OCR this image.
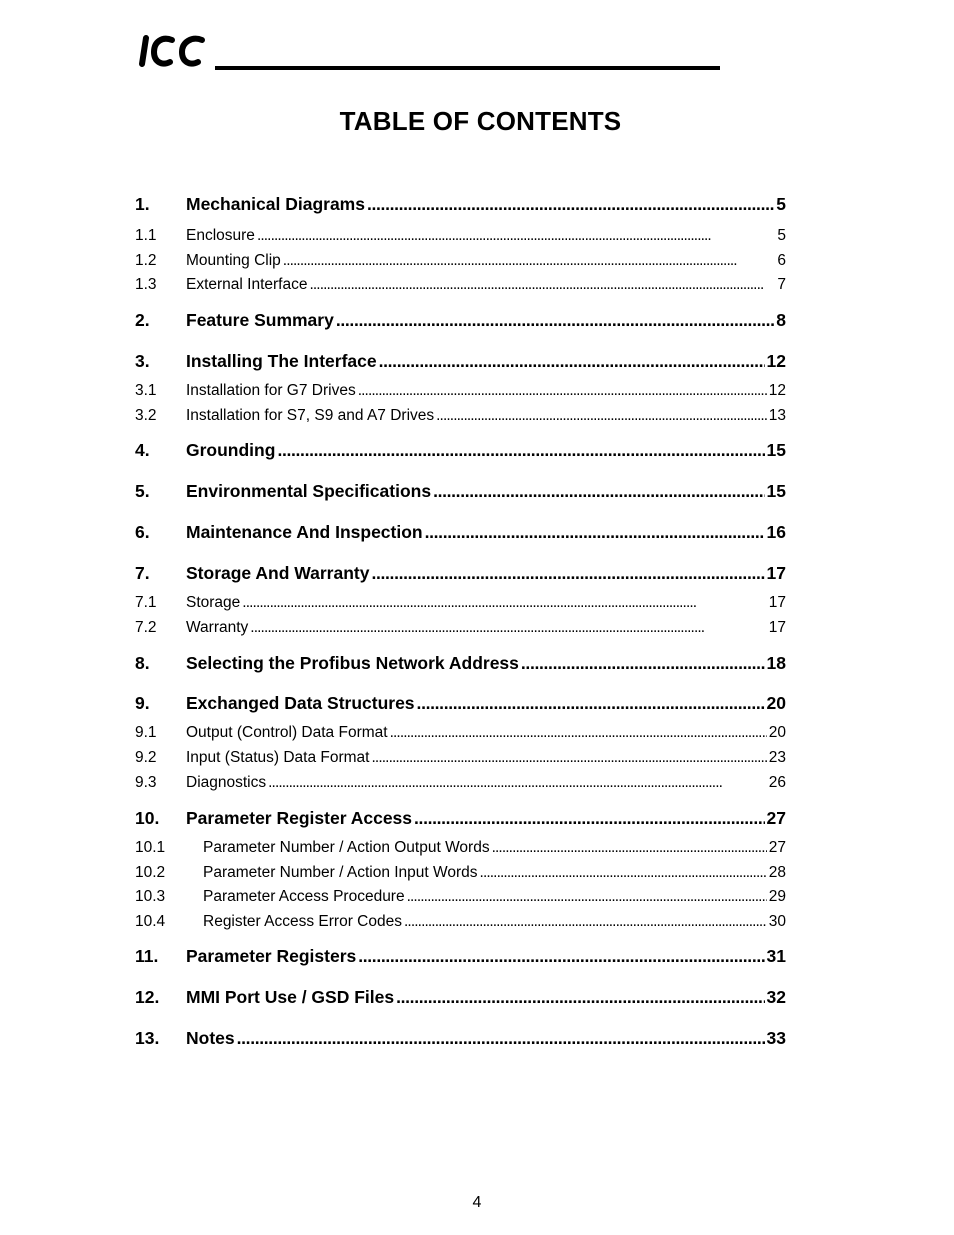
TABLE OF CONTENTS
1.	Mechanical Diagrams . . .	5
1.1	Enclosure . . .	5
1.2	Mounting Clip . . .	6
1.3	External Interface . . .	7
2.	Feature Summary . . .	8
3.	Installing The Interface . . .	12
3.1	Installation for G7 Drives . . .	12
3.2	Installation for S7, S9 and A7 Drives . . .	13
4.	Grounding . . .	15
5.	Environmental Specifications . . .	15
6.	Maintenance And Inspection . . .	16
7.	Storage And Warranty . . .	17
7.1	Storage . . .	17
7.2	Warranty . . .	17
8.	Selecting the Profibus Network Address . . .	18
9.	Exchanged Data Structures . . .	20
9.1	Output (Control) Data Format . . .	20
9.2	Input (Status) Data Format . . .	23
9.3	Diagnostics . . .	26
10.	Parameter Register Access . . .	27
10.1	Parameter Number / Action Output Words . . .	27
10.2	Parameter Number / Action Input Words . . .	28
10.3	Parameter Access Procedure . . .	29
10.4	Register Access Error Codes . . .	30
11.	Parameter Registers . . .	31
12.	MMI Port Use / GSD Files . . .	32
13.	Notes . . .	33
4
